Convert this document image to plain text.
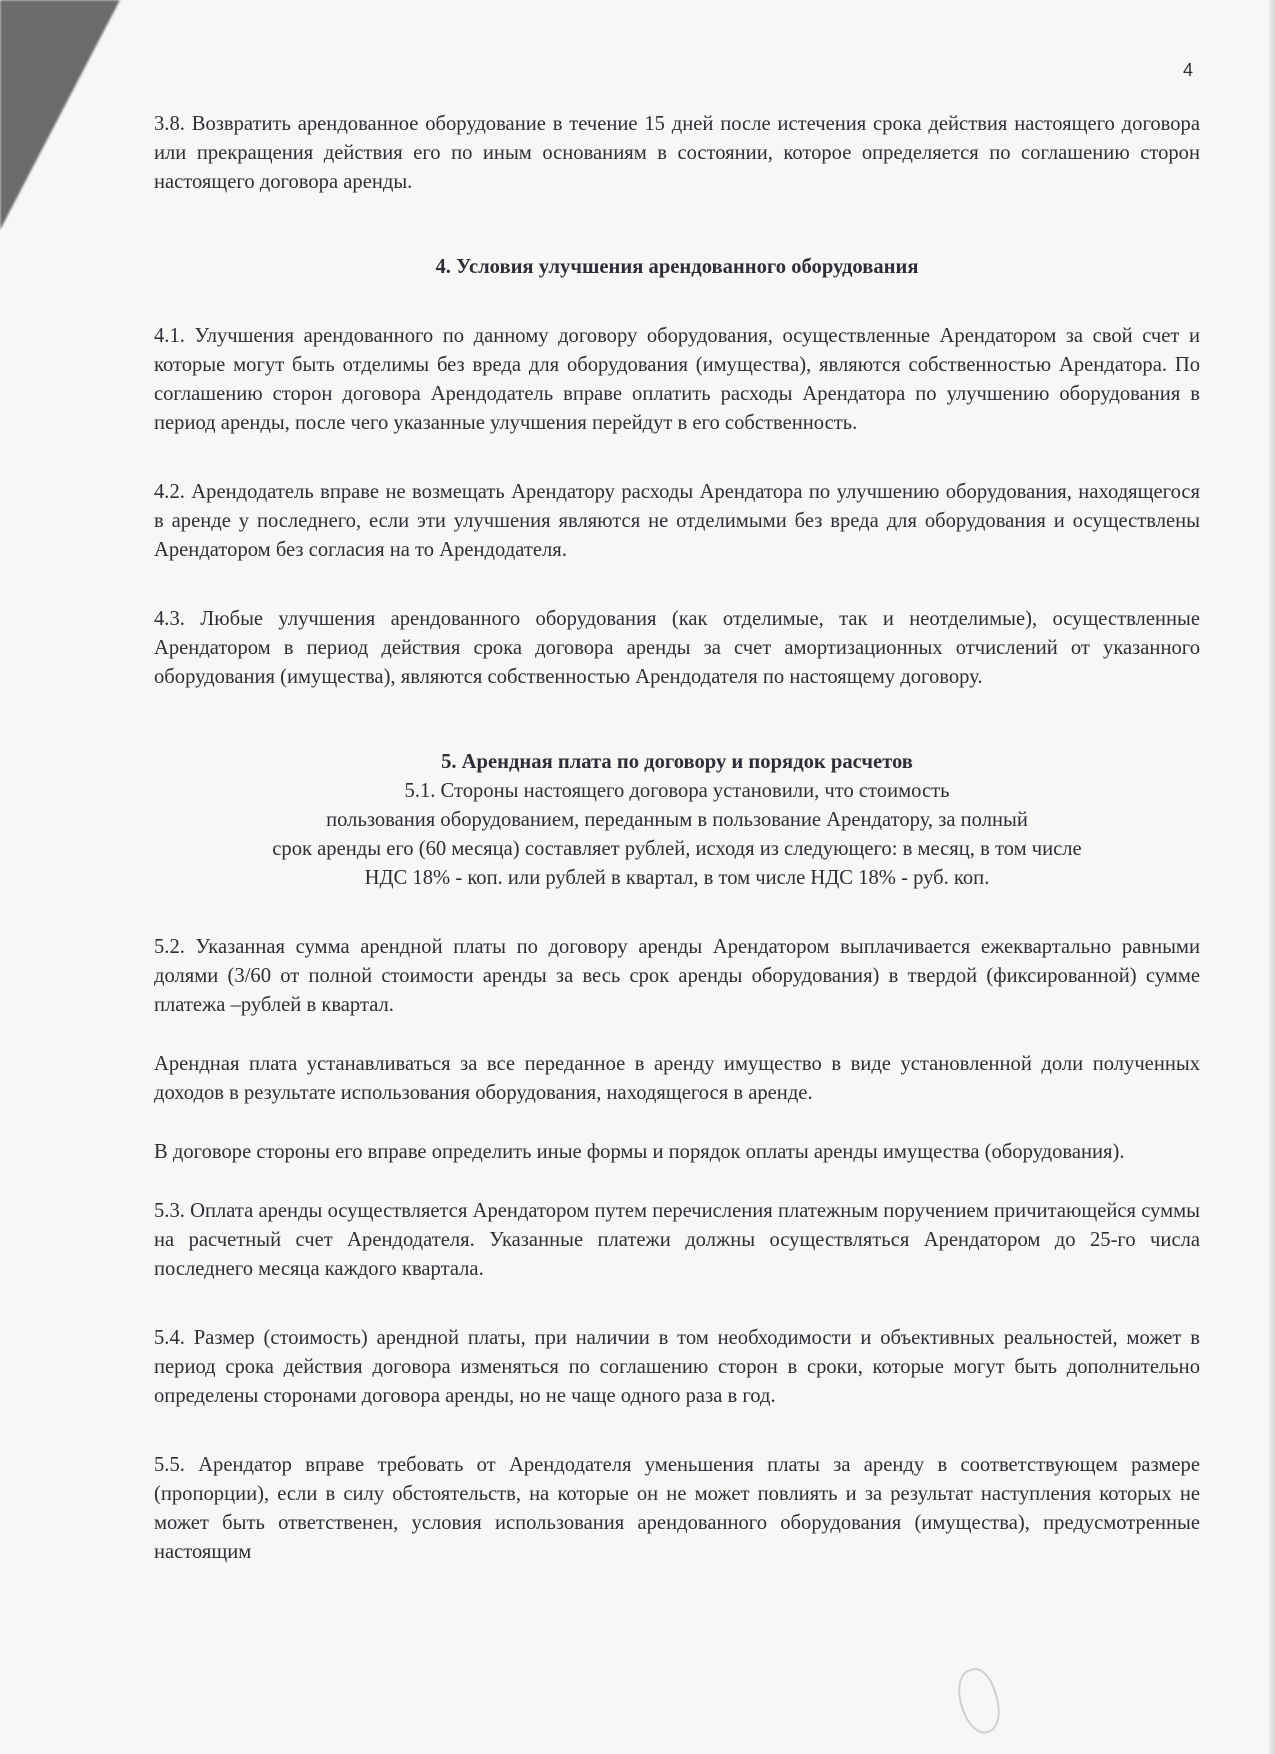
4

3.8. Возвратить арендованное оборудование в течение 15 дней после истечения срока действия настоящего договора или прекращения действия его по иным основаниям в состоянии, которое определяется по соглашению сторон настоящего договора аренды.

4. Условия улучшения арендованного оборудования

4.1. Улучшения арендованного по данному договору оборудования, осуществленные Арендатором за свой счет и которые могут быть отделимы без вреда для оборудования (имущества), являются собственностью Арендатора. По соглашению сторон договора Арендодатель вправе оплатить расходы Арендатора по улучшению оборудования в период аренды, после чего указанные улучшения перейдут в его собственность.

4.2. Арендодатель вправе не возмещать Арендатору расходы Арендатора по улучшению оборудования, находящегося в аренде у последнего, если эти улучшения являются не отделимыми без вреда для оборудования и осуществлены Арендатором без согласия на то Арендодателя.

4.3. Любые улучшения арендованного оборудования (как отделимые, так и неотделимые), осуществленные Арендатором в период действия срока договора аренды за счет амортизационных отчислений от указанного оборудования (имущества), являются собственностью Арендодателя по настоящему договору.

5. Арендная плата по договору и порядок расчетов

5.1. Стороны настоящего договора установили, что стоимость
пользования оборудованием, переданным в пользование Арендатору, за полный
срок аренды его (60 месяца) составляет рублей, исходя из следующего: в месяц, в том числе
НДС 18% - коп. или рублей в квартал, в том числе НДС 18% - руб. коп.

5.2. Указанная сумма арендной платы по договору аренды Арендатором выплачивается ежеквартально равными долями (3/60 от полной стоимости аренды за весь срок аренды оборудования) в твердой (фиксированной) сумме платежа –рублей в квартал.

Арендная плата устанавливаться за все переданное в аренду имущество в виде установленной доли полученных доходов в результате использования оборудования, находящегося в аренде.

В договоре стороны его вправе определить иные формы и порядок оплаты аренды имущества (оборудования).

5.3. Оплата аренды осуществляется Арендатором путем перечисления платежным поручением причитающейся суммы на расчетный счет Арендодателя. Указанные платежи должны осуществляться Арендатором до 25-го числа последнего месяца каждого квартала.

5.4. Размер (стоимость) арендной платы, при наличии в том необходимости и объективных реальностей, может в период срока действия договора изменяться по соглашению сторон в сроки, которые могут быть дополнительно определены сторонами договора аренды, но не чаще одного раза в год.

5.5. Арендатор вправе требовать от Арендодателя уменьшения платы за аренду в соответствующем размере (пропорции), если в силу обстоятельств, на которые он не может повлиять и за результат наступления которых не может быть ответственен, условия использования арендованного оборудования (имущества), предусмотренные настоящим
